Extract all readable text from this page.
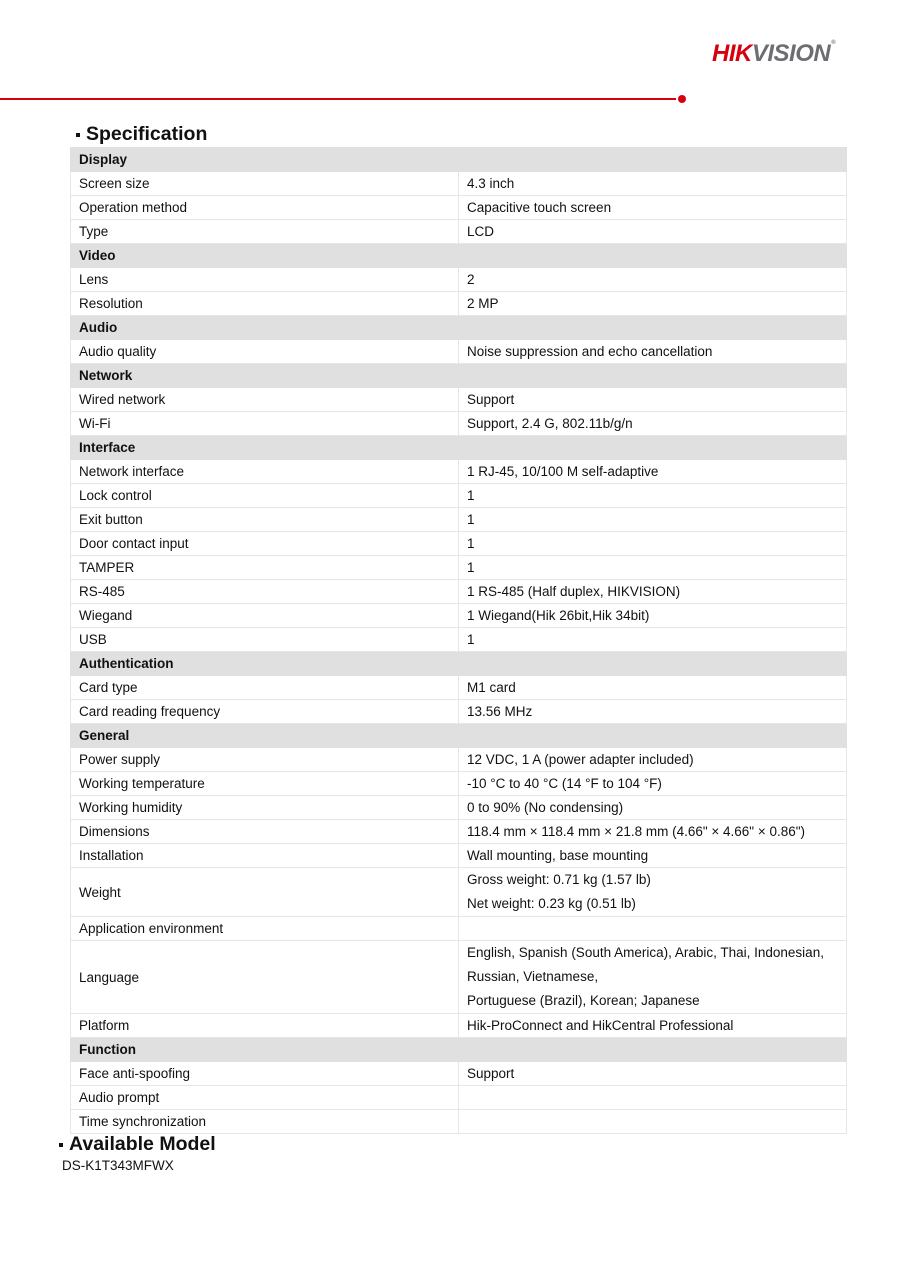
HIKVISION®
Specification
Display	
Screen size	4.3 inch

Operation method	Capacitive touch screen

Type	LCD

Video	
Lens	2

Resolution	2 MP

Audio	
Audio quality	Noise suppression and echo cancellation

Network	
Wired network	Support

Wi-Fi	Support, 2.4 G, 802.11b/g/n

Interface	
Network interface	1 RJ-45, 10/100 M self-adaptive

Lock control	1

Exit button	1

Door contact input	1

TAMPER	1

RS-485	1 RS-485 (Half duplex, HIKVISION)

Wiegand	1 Wiegand(Hik 26bit,Hik 34bit)

USB	1

Authentication	
Card type	M1 card

Card reading frequency	13.56 MHz

General	
Power supply	12 VDC, 1 A (power adapter included)

Working temperature	-10 °C to 40 °C (14 °F to 104 °F)

Working humidity	0 to 90% (No condensing)

Dimensions	118.4 mm × 118.4 mm × 21.8 mm (4.66" × 4.66" × 0.86")

Installation	Wall mounting, base mounting

Weight	Gross weight: 0.71 kg (1.57 lb)
Net weight: 0.23 kg (0.51 lb)

Application environment	

Language	English, Spanish (South America), Arabic, Thai, Indonesian, Russian, Vietnamese,
Portuguese (Brazil), Korean; Japanese

Platform	Hik-ProConnect and HikCentral Professional

Function	
Face anti-spoofing	Support

Audio prompt	

Time synchronization	

Available Model
DS-K1T343MFWX
